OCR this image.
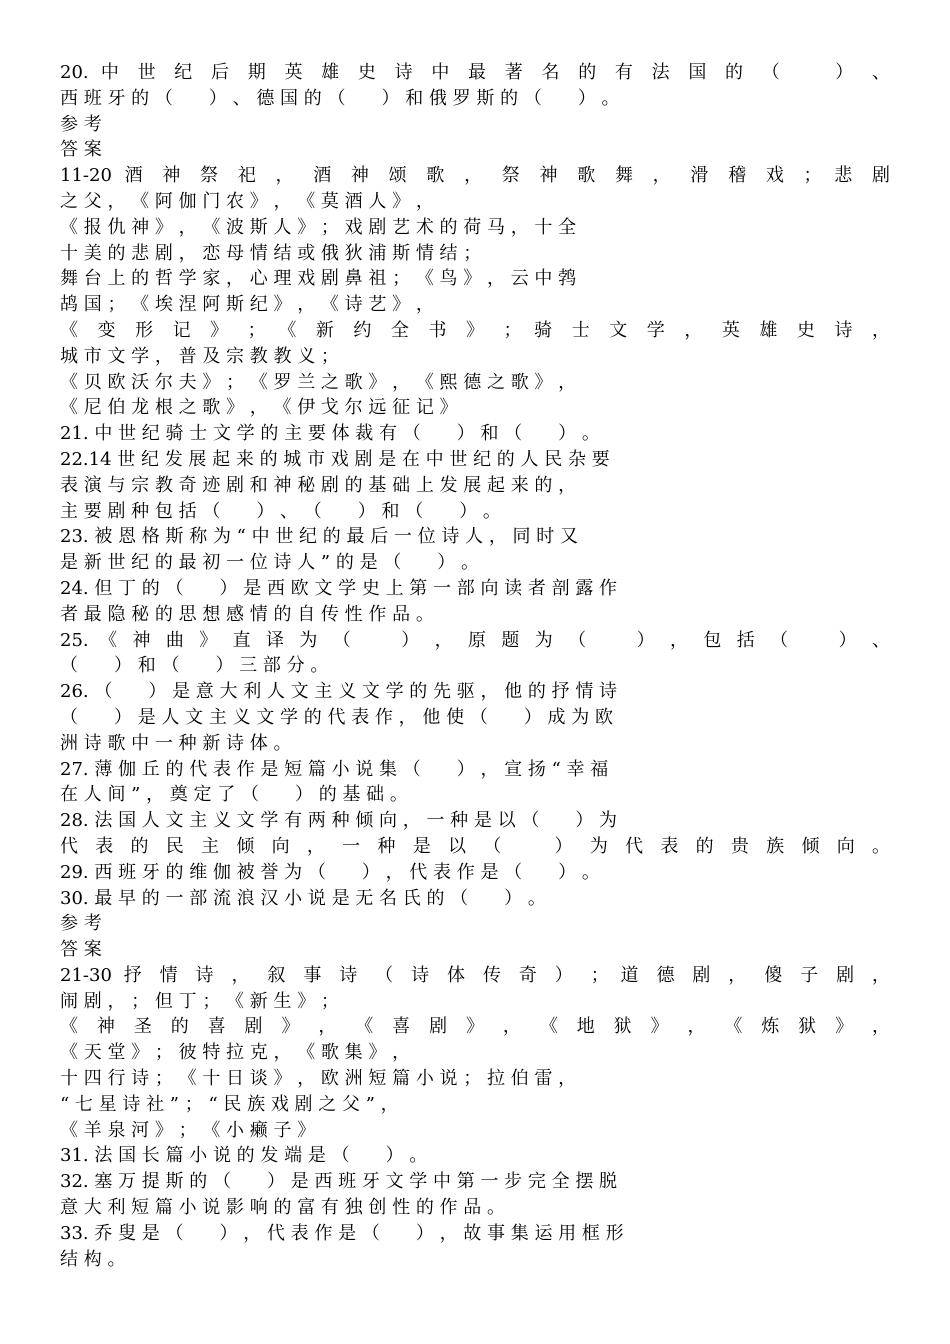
20. 中 世 纪 后 期 英 雄 史 诗 中 最 著 名 的 有 法 国 的 （　　） 、
西 班 牙 的 （　　） 、 德 国 的 （　　） 和 俄 罗 斯 的 （　　） 。
参 考
答 案
11-20 酒 神 祭 祀 ， 酒 神 颂 歌 ， 祭 神 歌 舞 ， 滑 稽 戏 ； 悲 剧
之 父 ， 《 阿 伽 门 农 》 ， 《 莫 酒 人 》 ，
《 报 仇 神 》 ， 《 波 斯 人 》 ； 戏 剧 艺 术 的 荷 马 ， 十 全
十 美 的 悲 剧 ， 恋 母 情 结 或 俄 狄 浦 斯 情 结 ；
舞 台 上 的 哲 学 家 ， 心 理 戏 剧 鼻 祖 ； 《 鸟 》 ， 云 中 鹁
鸪 国 ； 《 埃 涅 阿 斯 纪 》 ， 《 诗 艺 》 ，
《 变 形 记 》 ； 《 新 约 全 书 》 ； 骑 士 文 学 ， 英 雄 史 诗 ，
城 市 文 学 ， 普 及 宗 教 教 义 ；
《 贝 欧 沃 尔 夫 》 ； 《 罗 兰 之 歌 》 ， 《 熙 德 之 歌 》 ，
《 尼 伯 龙 根 之 歌 》 ， 《 伊 戈 尔 远 征 记 》
21. 中 世 纪 骑 士 文 学 的 主 要 体 裁 有 （　　） 和 （　　） 。
22.14 世 纪 发 展 起 来 的 城 市 戏 剧 是 在 中 世 纪 的 人 民 杂 要
表 演 与 宗 教 奇 迹 剧 和 神 秘 剧 的 基 础 上 发 展 起 来 的 ，
主 要 剧 种 包 括 （　　） 、 （　　） 和 （　　） 。
23. 被 恩 格 斯 称 为 “ 中 世 纪 的 最 后 一 位 诗 人 ， 同 时 又
是 新 世 纪 的 最 初 一 位 诗 人 ” 的 是 （　　） 。
24. 但 丁 的 （　　） 是 西 欧 文 学 史 上 第 一 部 向 读 者 剖 露 作
者 最 隐 秘 的 思 想 感 情 的 自 传 性 作 品 。
25. 《 神 曲 》 直 译 为 （　　） ， 原 题 为 （　　） ， 包 括 （　　） 、
（　　） 和 （　　） 三 部 分 。
26. （　　） 是 意 大 利 人 文 主 义 文 学 的 先 驱 ， 他 的 抒 情 诗
（　　） 是 人 文 主 义 文 学 的 代 表 作 ， 他 使 （　　） 成 为 欧
洲 诗 歌 中 一 种 新 诗 体 。
27. 薄 伽 丘 的 代 表 作 是 短 篇 小 说 集 （　　） ， 宣 扬 “ 幸 福
在 人 间 ” ， 奠 定 了 （　　） 的 基 础 。
28. 法 国 人 文 主 义 文 学 有 两 种 倾 向 ， 一 种 是 以 （　　） 为
代 表 的 民 主 倾 向 ， 一 种 是 以 （　　） 为 代 表 的 贵 族 倾 向 。
29. 西 班 牙 的 维 伽 被 誉 为 （　　） ， 代 表 作 是 （　　） 。
30. 最 早 的 一 部 流 浪 汉 小 说 是 无 名 氏 的 （　　） 。
参 考
答 案
21-30 抒 情 诗 ， 叙 事 诗 （ 诗 体 传 奇 ） ； 道 德 剧 ， 傻 子 剧 ，
闹 剧 ， ； 但 丁 ； 《 新 生 》 ；
《 神 圣 的 喜 剧 》 ， 《 喜 剧 》 ， 《 地 狱 》 ， 《 炼 狱 》 ，
《 天 堂 》 ； 彼 特 拉 克 ， 《 歌 集 》 ，
十 四 行 诗 ； 《 十 日 谈 》 ， 欧 洲 短 篇 小 说 ； 拉 伯 雷 ，
“ 七 星 诗 社 ” ； “ 民 族 戏 剧 之 父 ” ，
《 羊 泉 河 》 ； 《 小 癞 子 》
31. 法 国 长 篇 小 说 的 发 端 是 （　　） 。
32. 塞 万 提 斯 的 （　　） 是 西 班 牙 文 学 中 第 一 步 完 全 摆 脱
意 大 利 短 篇 小 说 影 响 的 富 有 独 创 性 的 作 品 。
33. 乔 叟 是 （　　） ， 代 表 作 是 （　　） ， 故 事 集 运 用 框 形
结 构 。
